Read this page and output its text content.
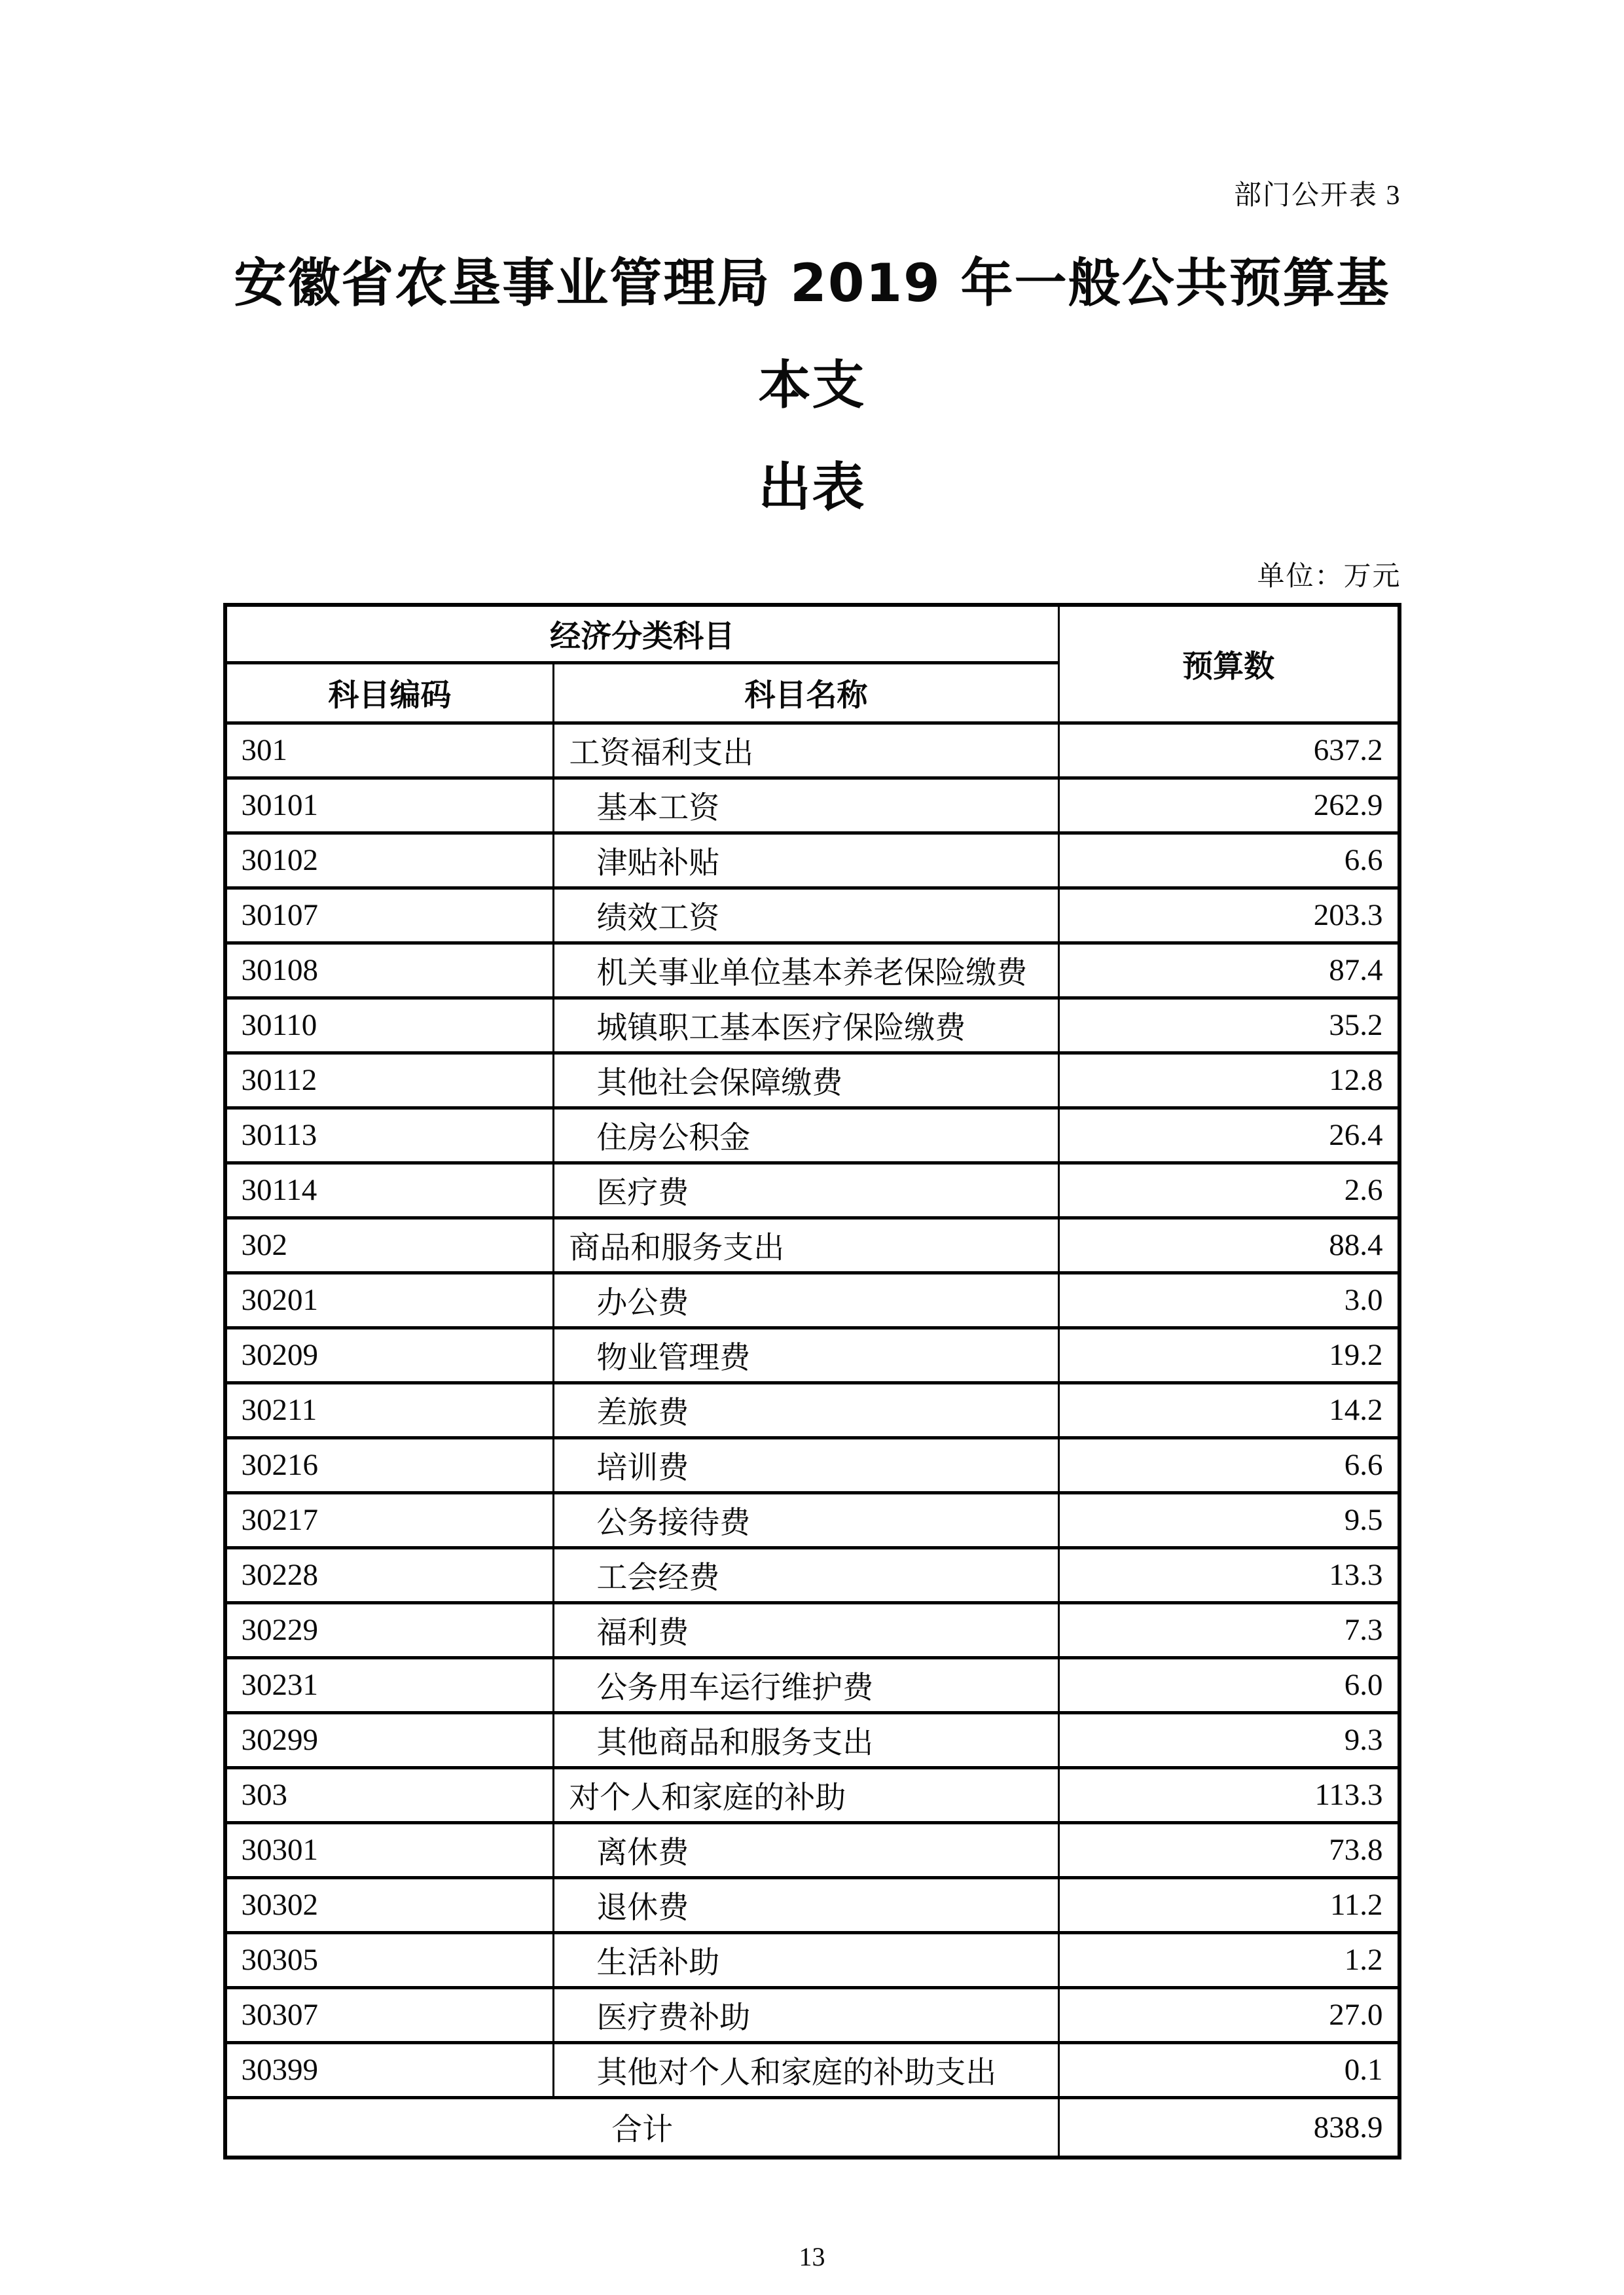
部门公开表 3
安徽省农垦事业管理局 2019 年一般公共预算基本支
出表
单位：万元
经济分类科目		预算数
科目编码	科目名称	
301	工资福利支出	637.2
30101	基本工资	262.9
30102	津贴补贴	6.6
30107	绩效工资	203.3
30108	机关事业单位基本养老保险缴费	87.4
30110	城镇职工基本医疗保险缴费	35.2
30112	其他社会保障缴费	12.8
30113	住房公积金	26.4
30114	医疗费	2.6
302	商品和服务支出	88.4
30201	办公费	3.0
30209	物业管理费	19.2
30211	差旅费	14.2
30216	培训费	6.6
30217	公务接待费	9.5
30228	工会经费	13.3
30229	福利费	7.3
30231	公务用车运行维护费	6.0
30299	其他商品和服务支出	9.3
303	对个人和家庭的补助	113.3
30301	离休费	73.8
30302	退休费	11.2
30305	生活补助	1.2
30307	医疗费补助	27.0
30399	其他对个人和家庭的补助支出	0.1
合计		838.9
13
